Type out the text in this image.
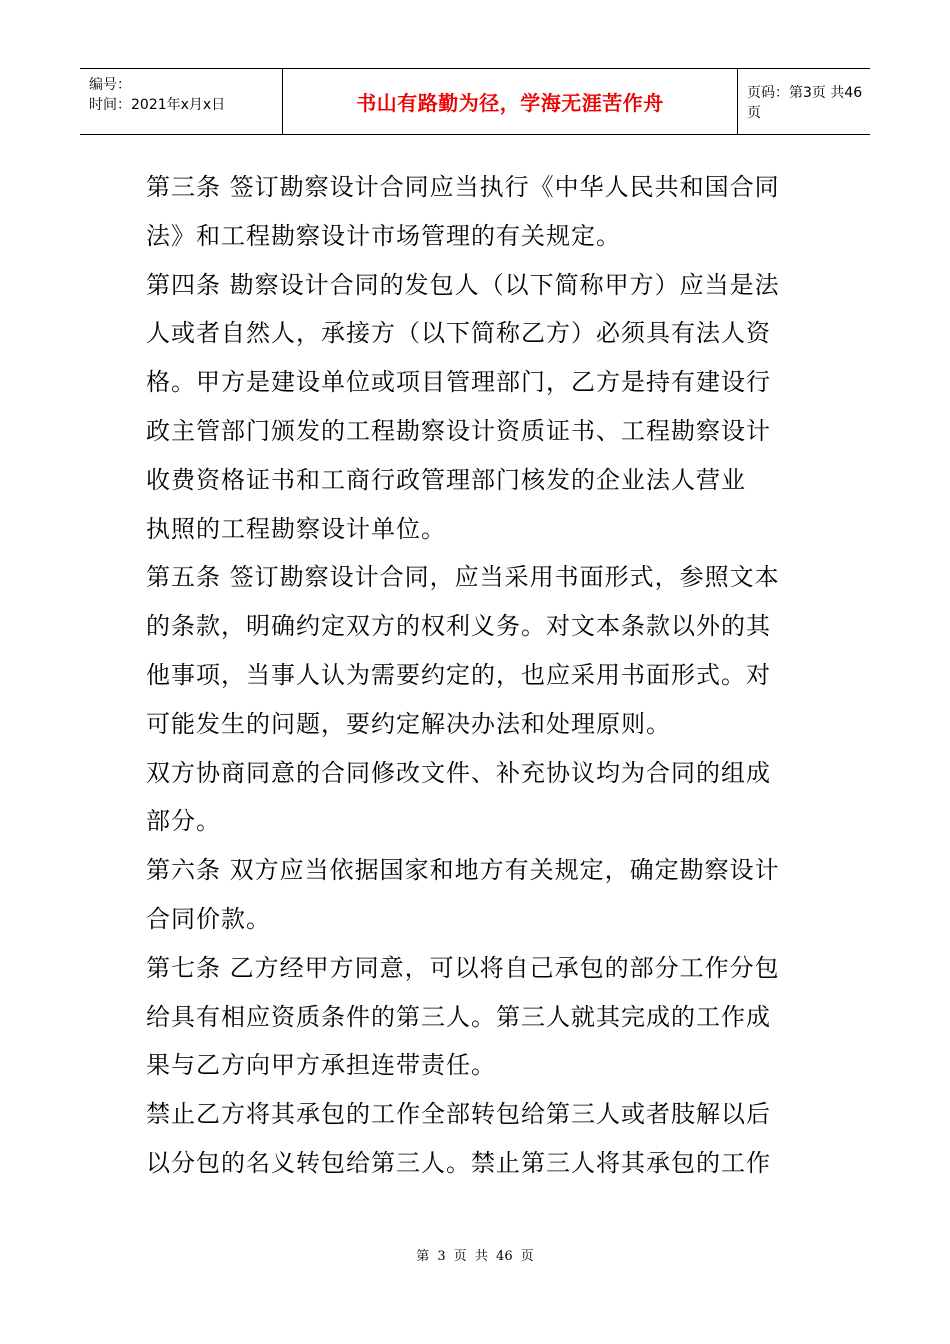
编号：
时间：2021年x月x日	书山有路勤为径，学海无涯苦作舟	页码：第3页 共46页
第三条 签订勘察设计合同应当执行《中华人民共和国合同
法》和工程勘察设计市场管理的有关规定。
第四条 勘察设计合同的发包人（以下简称甲方）应当是法
人或者自然人，承接方（以下简称乙方）必须具有法人资
格。甲方是建设单位或项目管理部门，乙方是持有建设行
政主管部门颁发的工程勘察设计资质证书、工程勘察设计
收费资格证书和工商行政管理部门核发的企业法人营业
执照的工程勘察设计单位。
第五条 签订勘察设计合同，应当采用书面形式，参照文本
的条款，明确约定双方的权利义务。对文本条款以外的其
他事项，当事人认为需要约定的，也应采用书面形式。对
可能发生的问题，要约定解决办法和处理原则。
双方协商同意的合同修改文件、补充协议均为合同的组成
部分。
第六条 双方应当依据国家和地方有关规定，确定勘察设计
合同价款。
第七条 乙方经甲方同意，可以将自己承包的部分工作分包
给具有相应资质条件的第三人。第三人就其完成的工作成
果与乙方向甲方承担连带责任。
禁止乙方将其承包的工作全部转包给第三人或者肢解以后
以分包的名义转包给第三人。禁止第三人将其承包的工作
第 3 页 共 46 页
